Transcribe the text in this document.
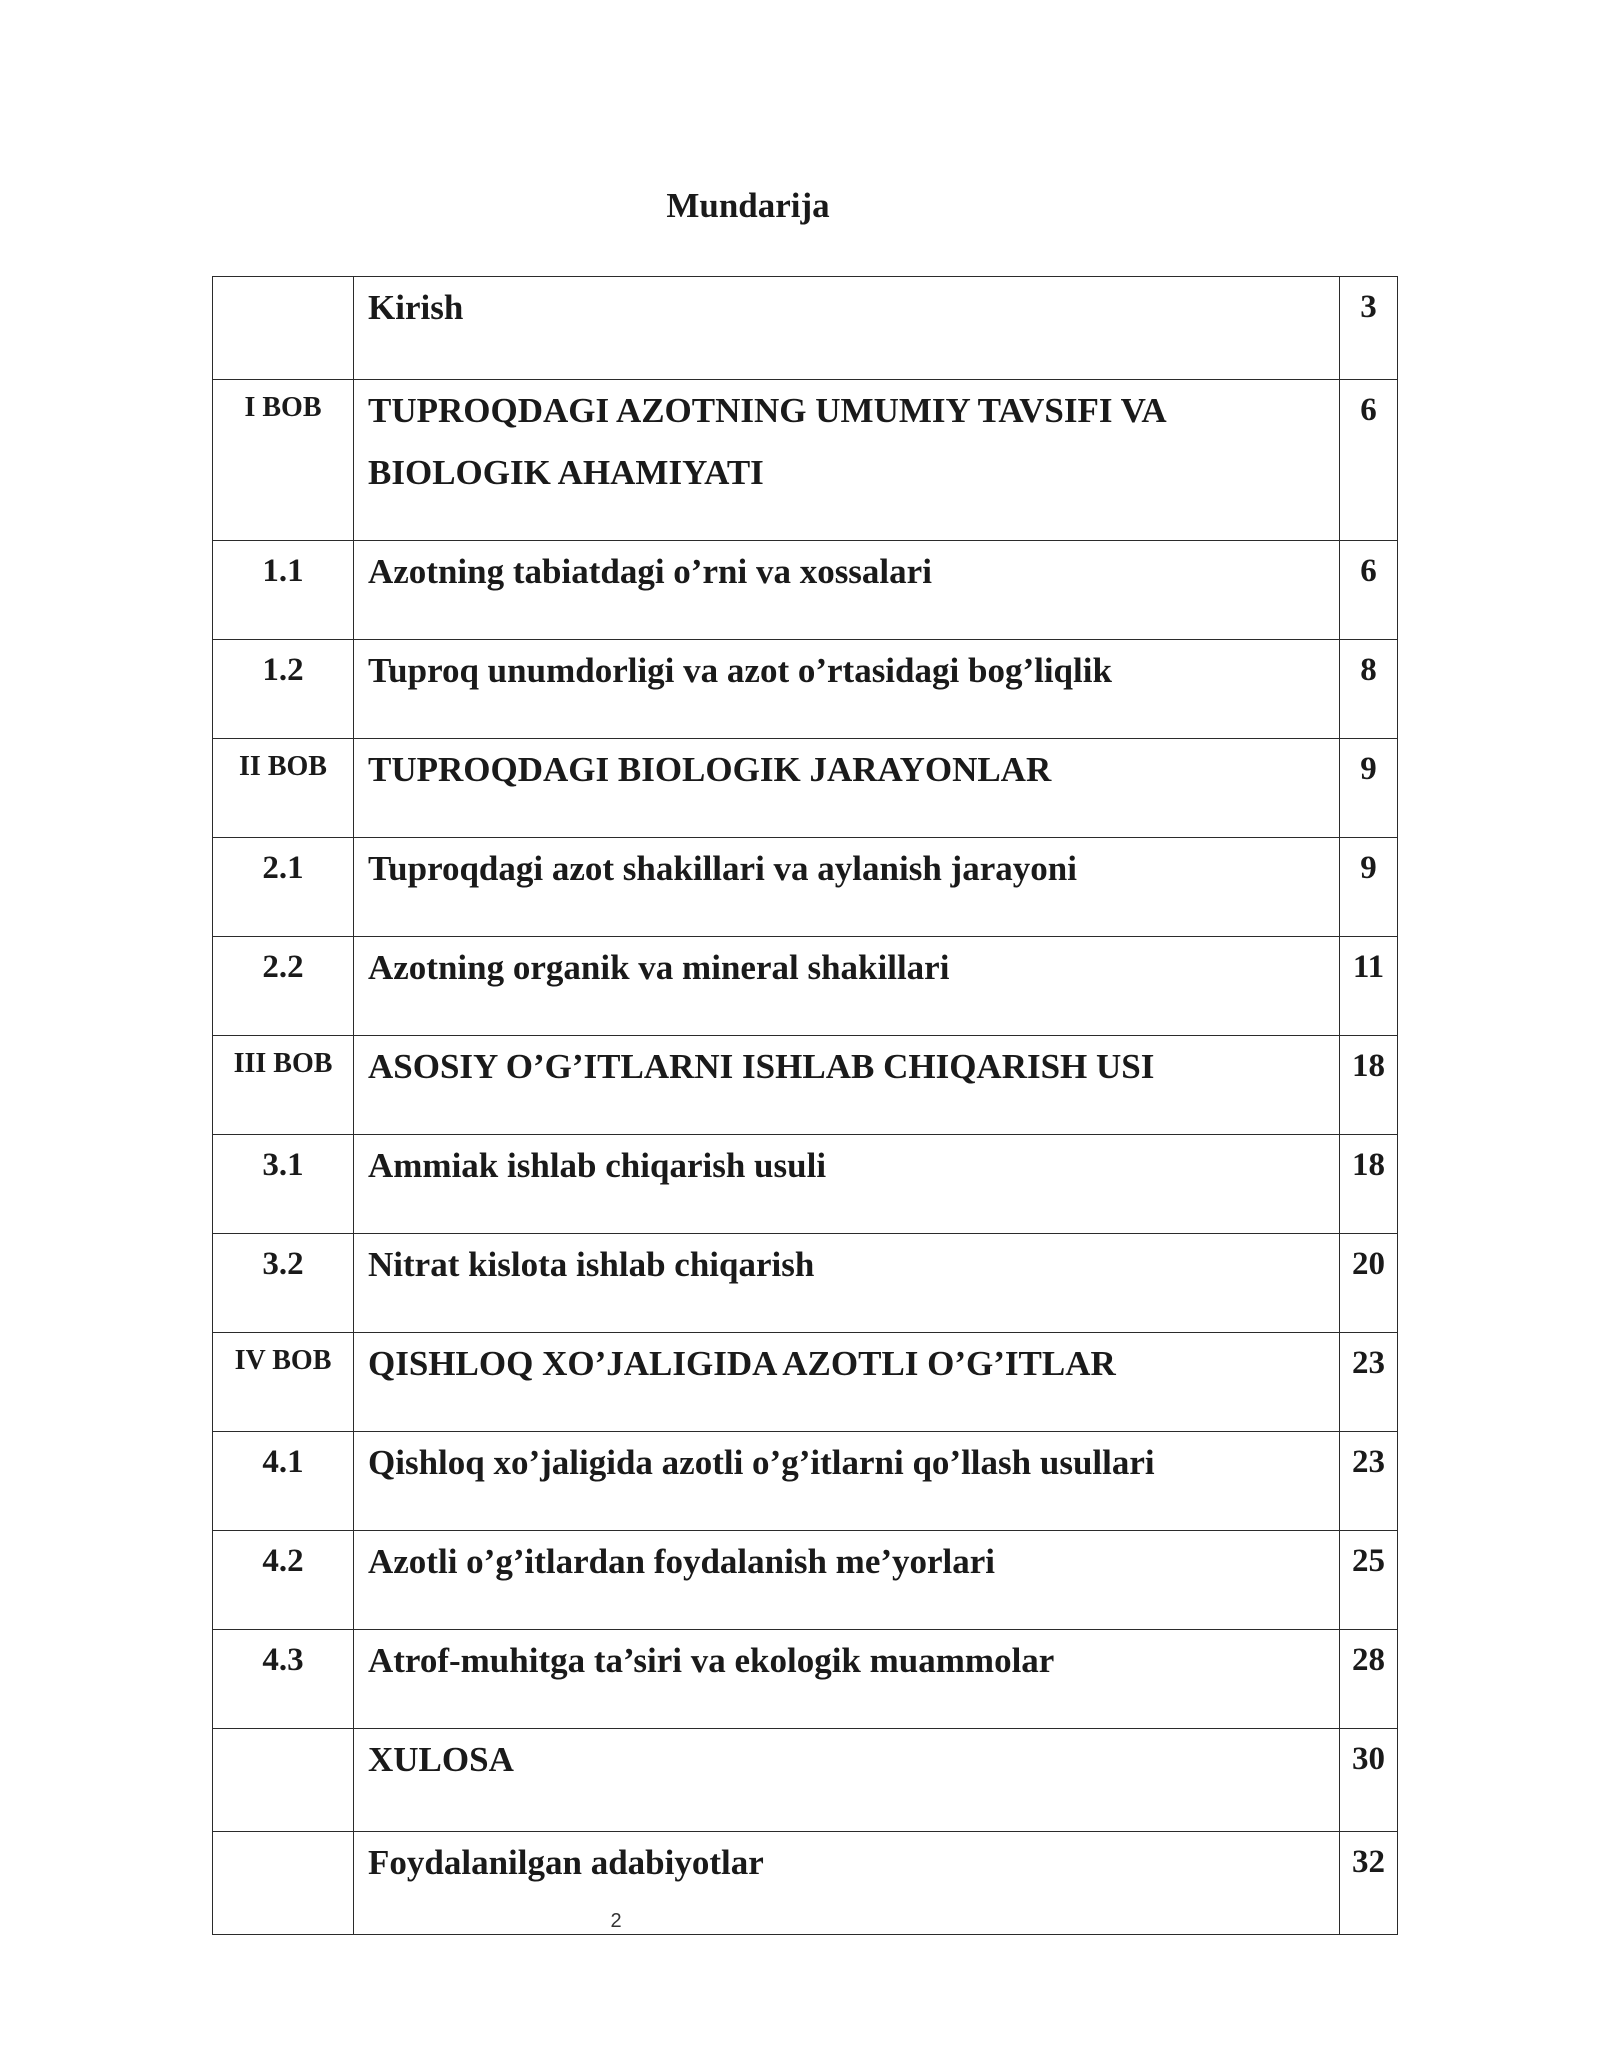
Mundarija
	Kirish	3
I BOB	TUPROQDAGI AZOTNING UMUMIY TAVSIFI VA BIOLOGIK AHAMIYATI	6
1.1	Azotning tabiatdagi o’rni va xossalari	6
1.2	Tuproq unumdorligi va azot o’rtasidagi bog’liqlik	8
II BOB	TUPROQDAGI BIOLOGIK JARAYONLAR	9
2.1	Tuproqdagi azot shakillari va aylanish jarayoni	9
2.2	Azotning organik va mineral shakillari	11
III BOB	ASOSIY O’G’ITLARNI ISHLAB CHIQARISH USI	18
3.1	Ammiak ishlab chiqarish usuli	18
3.2	Nitrat kislota ishlab chiqarish	20
IV BOB	QISHLOQ XO’JALIGIDA AZOTLI O’G’ITLAR	23
4.1	Qishloq xo’jaligida azotli o’g’itlarni qo’llash usullari	23
4.2	Azotli o’g’itlardan foydalanish me’yorlari	25
4.3	Atrof-muhitga ta’siri va ekologik muammolar	28
	XULOSA	30
	Foydalanilgan adabiyotlar	32
2
